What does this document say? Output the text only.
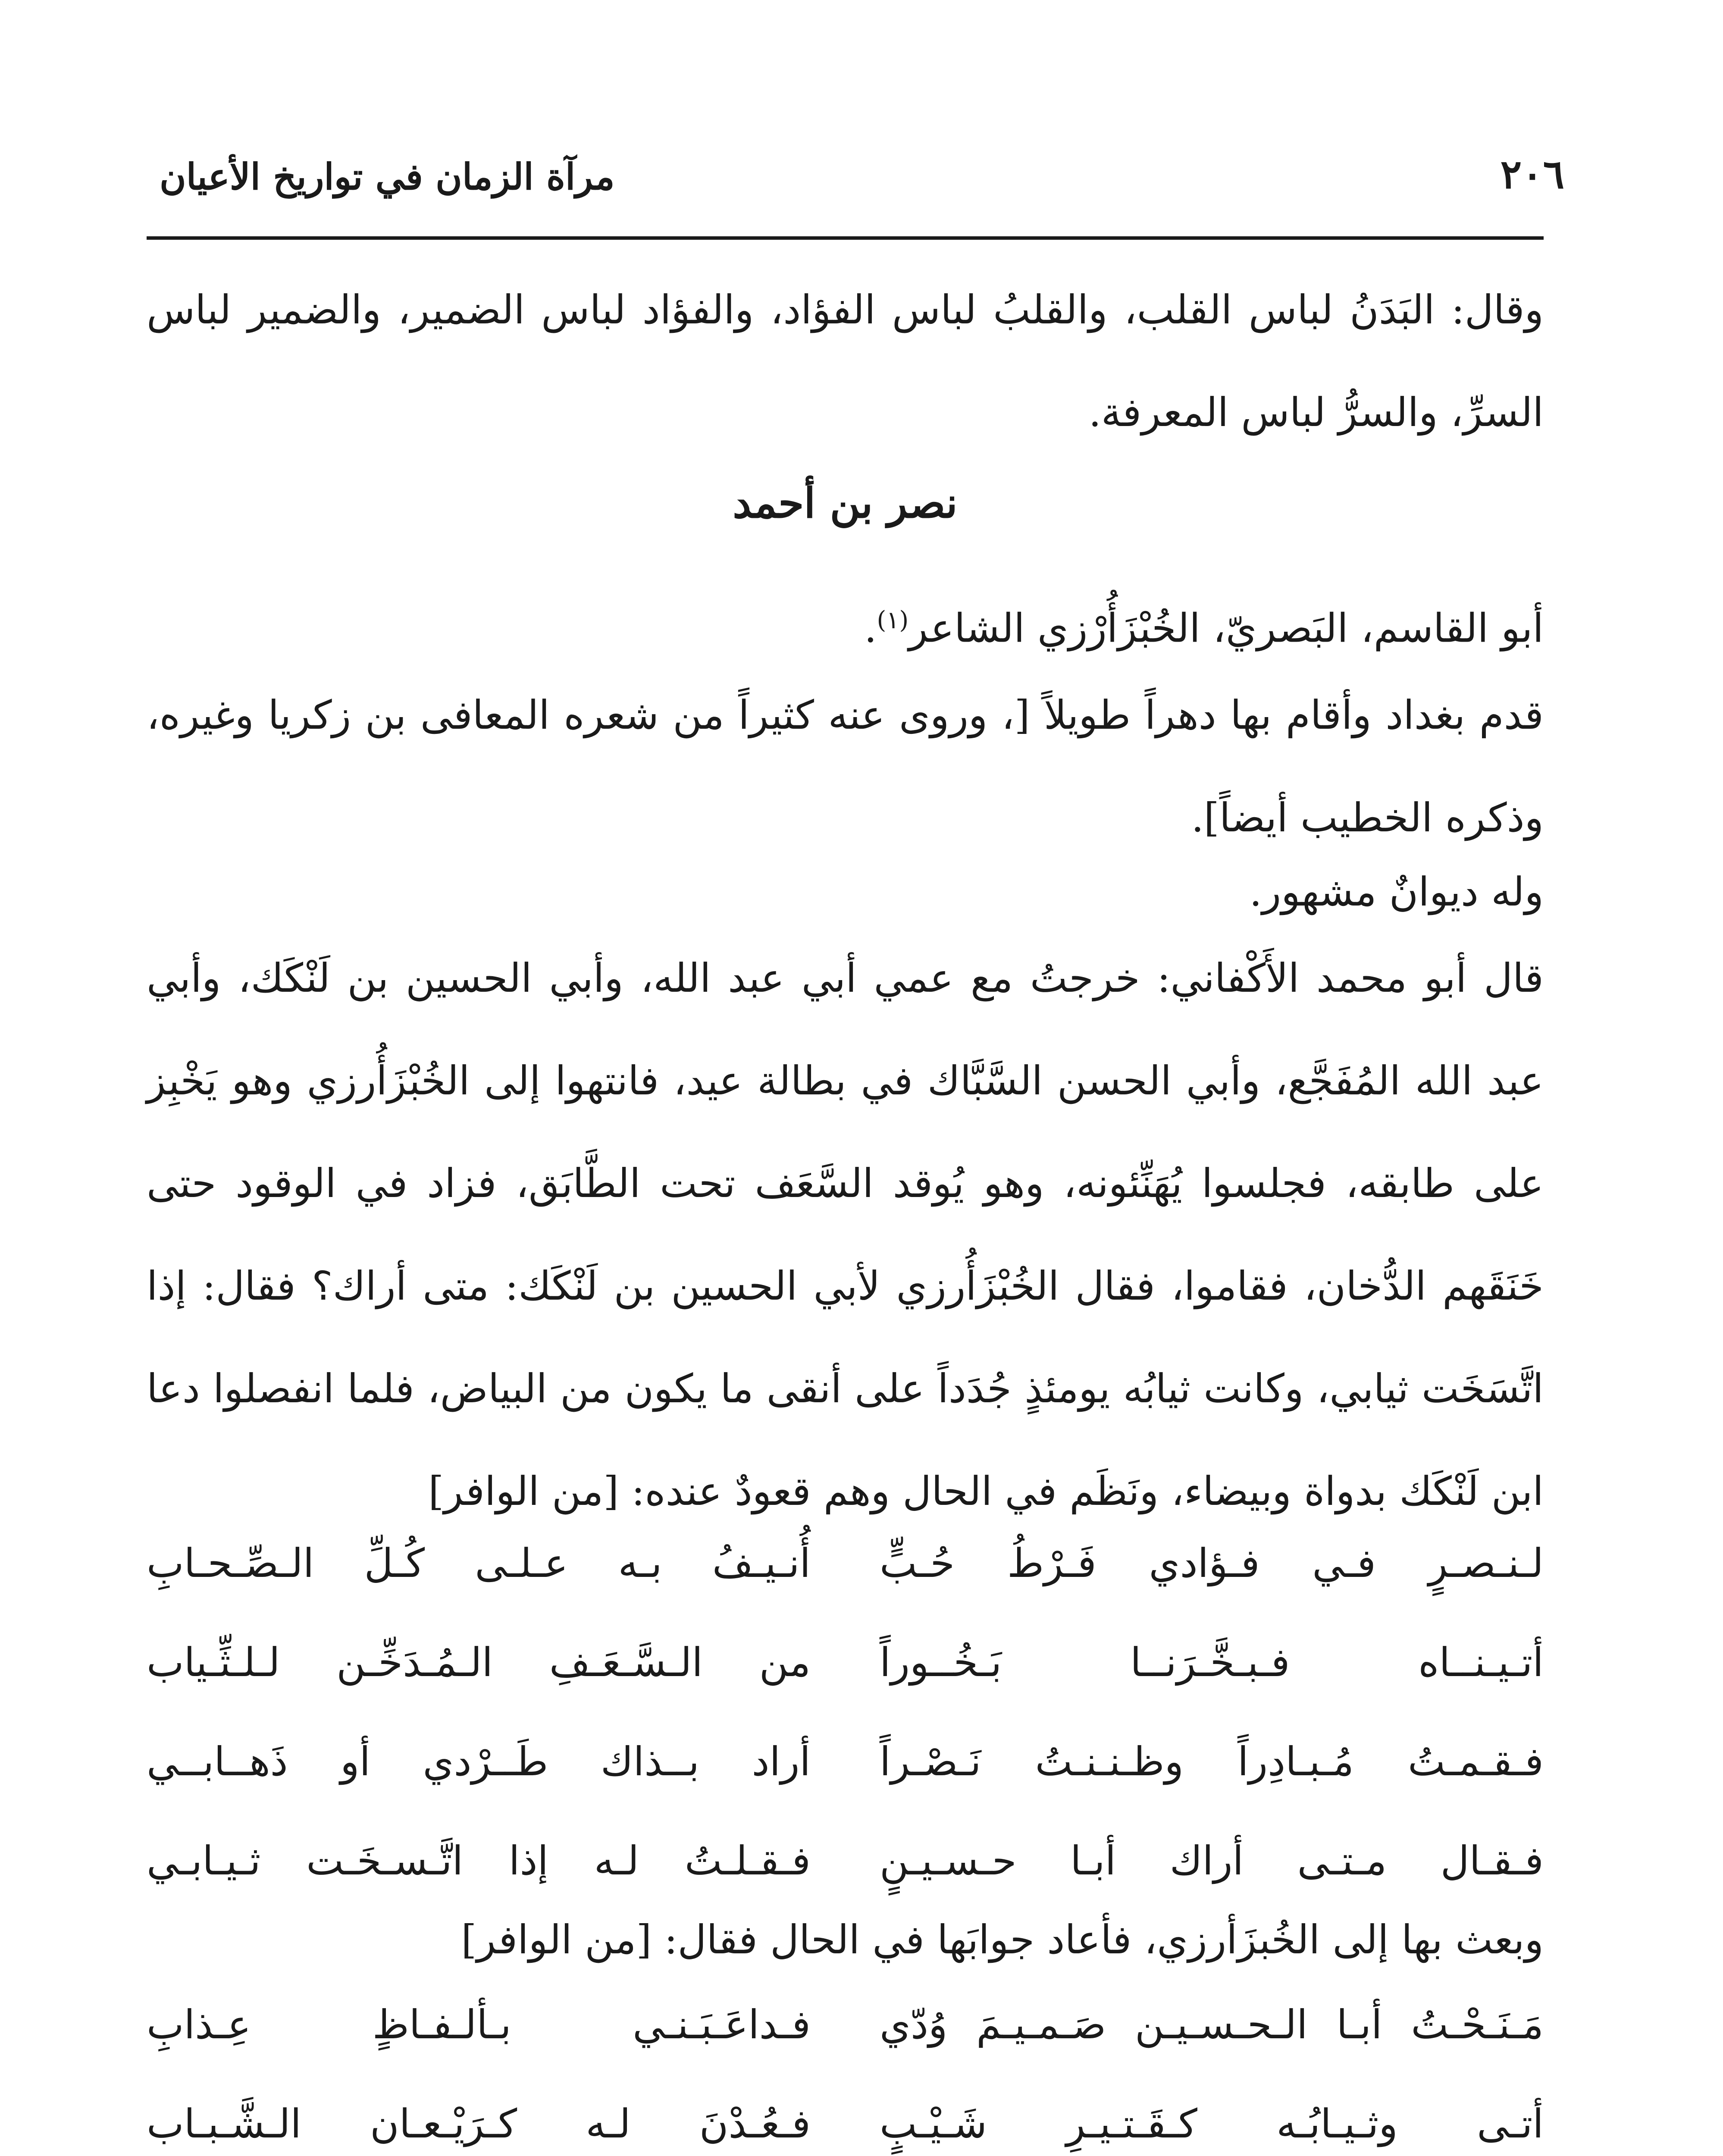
٢٠٦
مرآة الزمان في تواريخ الأعيان
وقال: البَدَنُ لباس القلب، والقلبُ لباس الفؤاد، والفؤاد لباس الضمير، والضمير لباس السرِّ، والسرُّ لباس المعرفة.
نصر بن أحمد
أبو القاسم، البَصريّ، الخُبْزَأُرْزي الشاعر$^{(١)}$.
قدم بغداد وأقام بها دهراً طويلاً [، وروى عنه كثيراً من شعره المعافى بن زكريا وغيره، وذكره الخطيب أيضاً].
وله ديوانٌ مشهور.
قال أبو محمد الأَكْفاني: خرجتُ مع عمي أبي عبد الله، وأبي الحسين بن لَنْكَك، وأبي عبد الله المُفَجَّع، وأبي الحسن السَّبَّاك في بطالة عيد، فانتهوا إلى الخُبْزَأُرزي وهو يَخْبِز على طابقه، فجلسوا يُهَنِّئونه، وهو يُوقد السَّعَف تحت الطَّابَق، فزاد في الوقود حتى خَنَقَهم الدُّخان، فقاموا، فقال الخُبْزَأُرزي لأبي الحسين بن لَنْكَك: متى أراك؟ فقال: إذا اتَّسَخَت ثيابي، وكانت ثيابُه يومئذٍ جُدَداً على أنقى ما يكون من البياض، فلما انفصلوا دعا ابن لَنْكَك بدواة وبيضاء، ونَظَم في الحال وهم قعودٌ عنده: [من الوافر]
لـنـصـرٍ فـي فـؤادي فَـرْطُ حُـبٍّ
أُنـيـفُ بـه عـلـى كُـلِّ الـصِّـحـابِ
أتـيـنــاه فـبـخَّـرَنــا بَـخُــوراً
من الـسَّـعَـفِ الـمُـدَخِّـن لـلـثِّـياب
فـقـمـتُ مُـبـادِراً وظـنـنـتُ نَـصْـراً
أراد بــذاك طَــرْدي أو ذَهــابــي
فـقـال مـتـى أراك أبـا حـسـيـنٍ
فـقـلـتُ لـه إذا اتَّـسـخَـت ثـيـابـي
وبعث بها إلى الخُبزَأرزي، فأعاد جوابَها في الحال فقال: [من الوافر]
مَـنَـحْـتُ أبـا الـحـسـيـن صَـمـيـمَ وُدّي
فـداعَـبَـنـي بـألـفـاظٍ عِـذابِ
أتـى وثـيـابُـه كـقَـتـيـرِ شَـيْـبٍ
فـعُـدْنَ لـه كـرَيْـعـان الـشَّـبـاب
